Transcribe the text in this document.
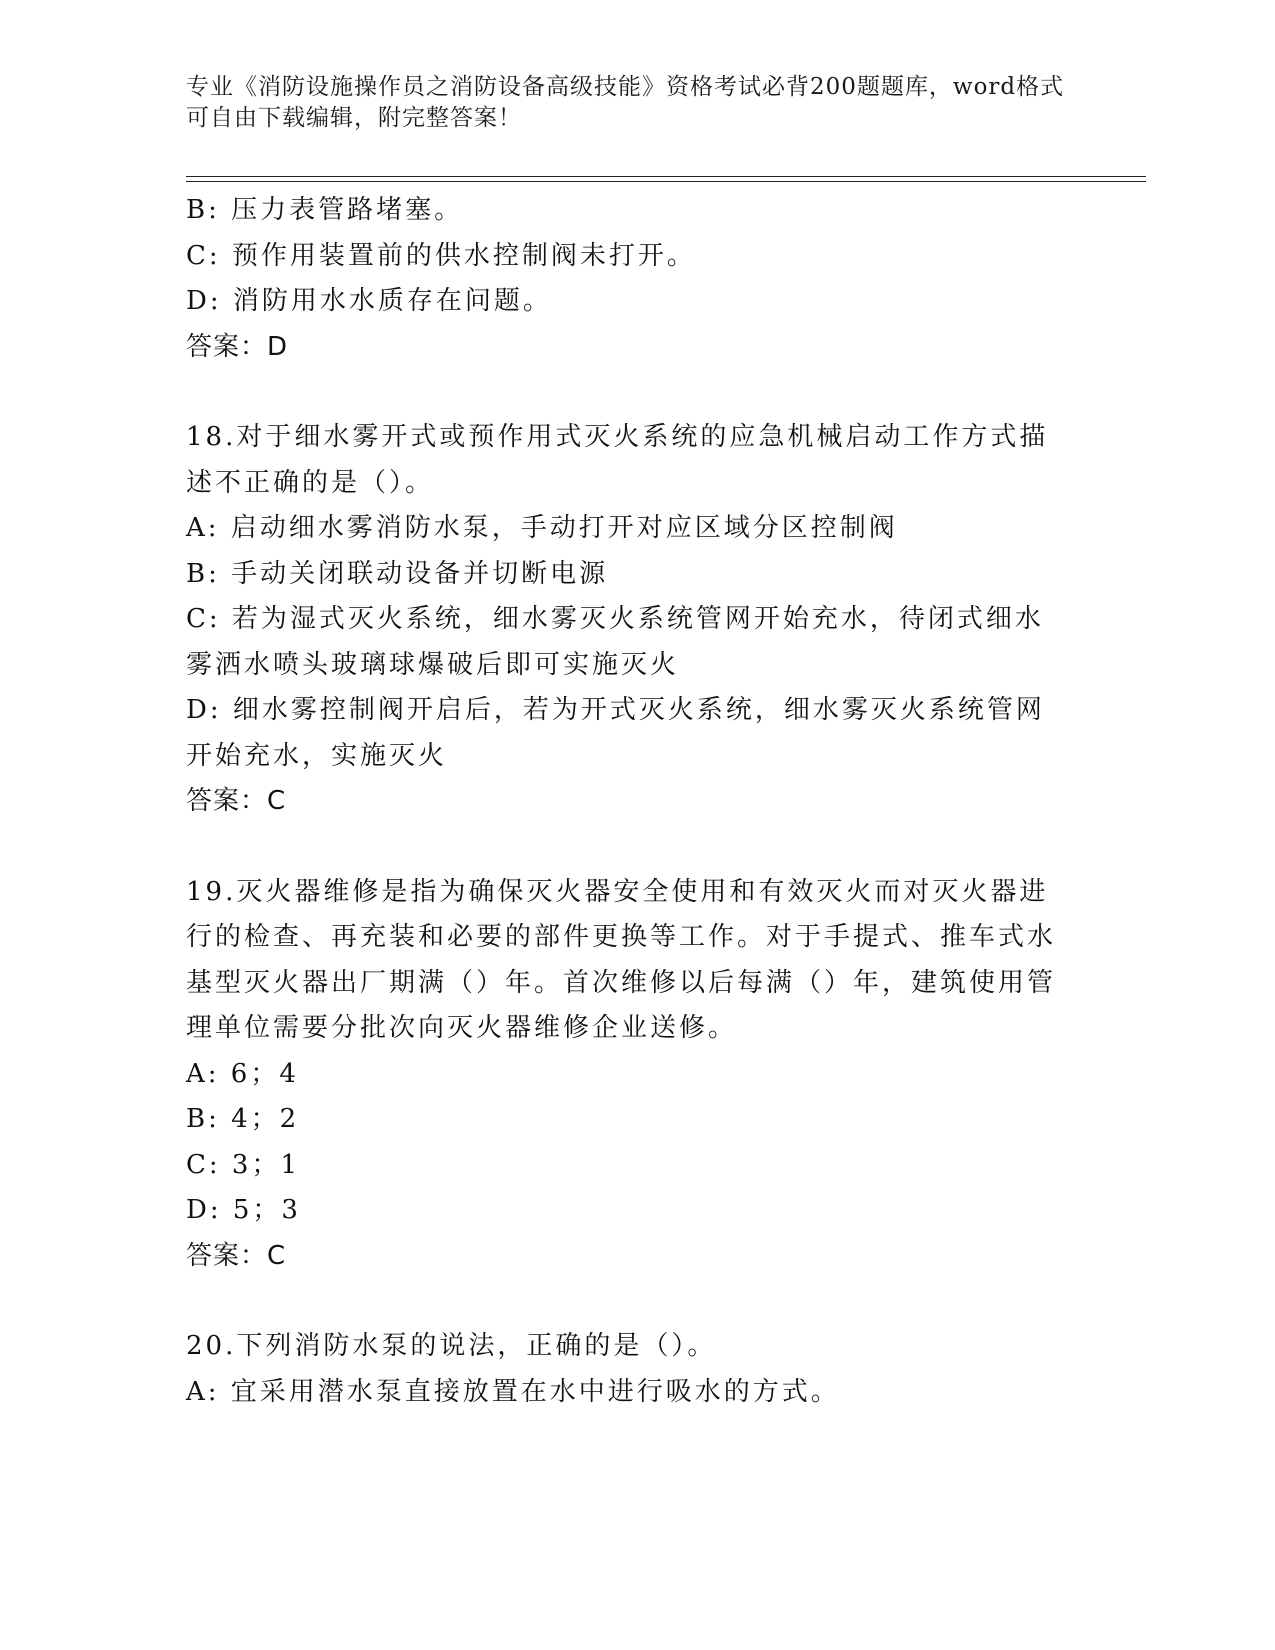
专业《消防设施操作员之消防设备高级技能》资格考试必背200题题库，word格式可自由下载编辑，附完整答案！

B: 压力表管路堵塞。

C: 预作用装置前的供水控制阀未打开。

D: 消防用水水质存在问题。

答案：D

18.对于细水雾开式或预作用式灭火系统的应急机械启动工作方式描述不正确的是（）。

A: 启动细水雾消防水泵，手动打开对应区域分区控制阀

B: 手动关闭联动设备并切断电源

C: 若为湿式灭火系统，细水雾灭火系统管网开始充水，待闭式细水雾洒水喷头玻璃球爆破后即可实施灭火

D: 细水雾控制阀开启后，若为开式灭火系统，细水雾灭火系统管网开始充水，实施灭火

答案：C

19.灭火器维修是指为确保灭火器安全使用和有效灭火而对灭火器进行的检查、再充装和必要的部件更换等工作。对于手提式、推车式水基型灭火器出厂期满（）年。首次维修以后每满（）年，建筑使用管理单位需要分批次向灭火器维修企业送修。

A: 6；4

B: 4；2

C: 3；1

D: 5；3

答案：C

20.下列消防水泵的说法，正确的是（）。

A: 宜采用潜水泵直接放置在水中进行吸水的方式。
